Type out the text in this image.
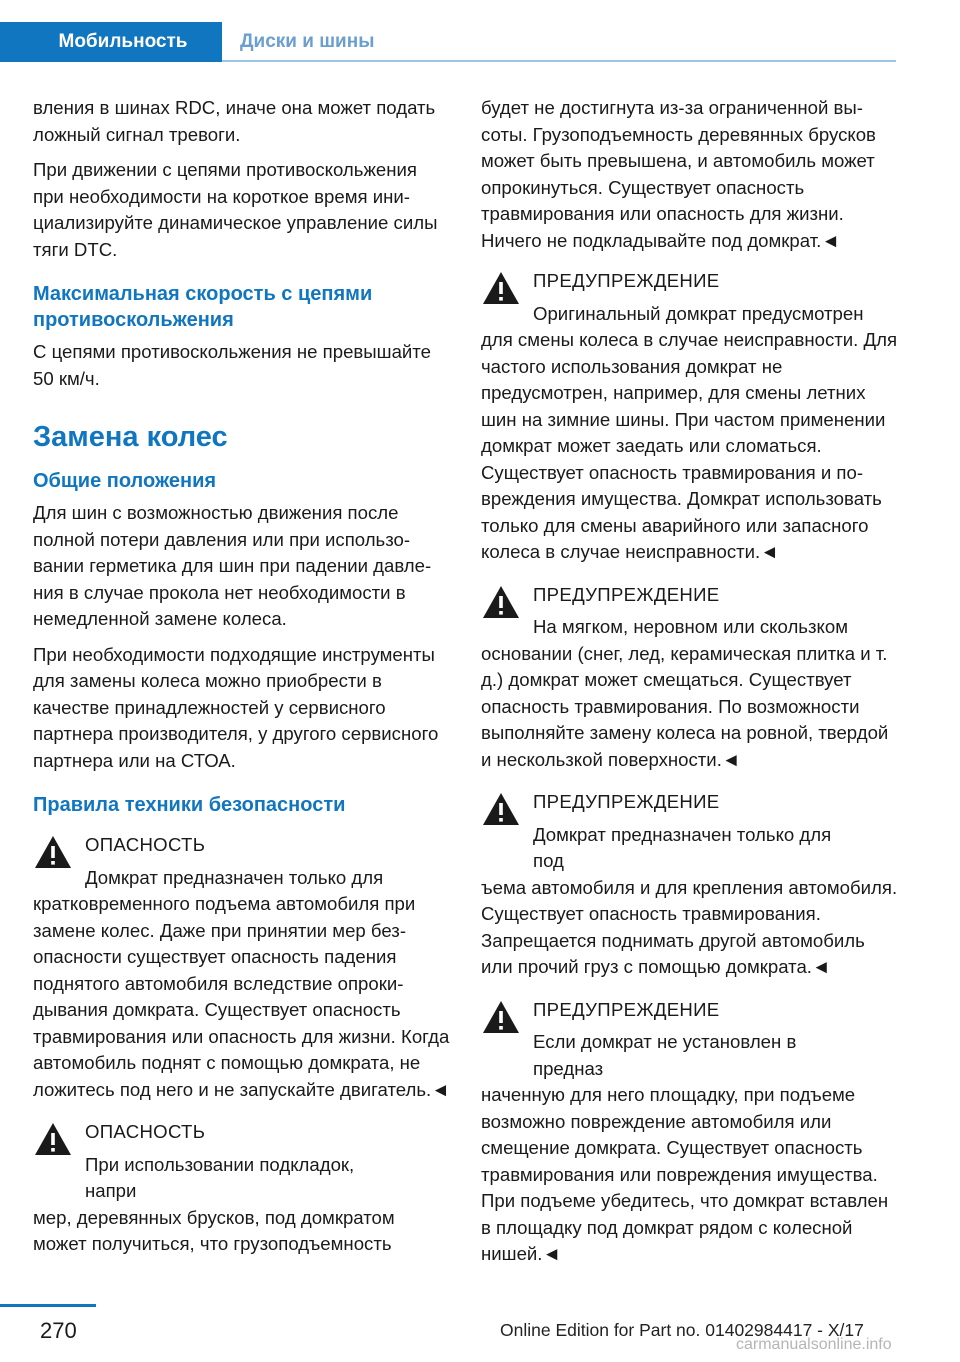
Мобильность	Диски и шины

вления в шинах RDC, иначе она может подать ложный сигнал тревоги.

При движении с цепями противоскольжения при необходимости на короткое время инициализируйте динамическое управление силы тяги DTC.

Максимальная скорость с цепями противоскольжения

С цепями противоскольжения не превышайте 50 км/ч.

Замена колес
Общие положения

Для шин с возможностью движения после полной потери давления или при использовании герметика для шин при падении давления в случае прокола нет необходимости в немедленной замене колеса.

При необходимости подходящие инструменты для замены колеса можно приобрести в качестве принадлежностей у сервисного партнера производителя, у другого сервисного партнера или на СТОА.

Правила техники безопасности
ОПАСНОСТЬ
Домкрат предназначен только для
кратковременного подъема автомобиля при замене колес. Даже при принятии мер безопасности существует опасность падения поднятого автомобиля вследствие опрокидывания домкрата. Существует опасность травмирования или опасность для жизни. Когда автомобиль поднят с помощью домкрата, не ложитесь под него и не запускайте двигатель.◄
ОПАСНОСТЬ
При использовании подкладок, напри
мер, деревянных брусков, под домкратом может получиться, что грузоподъемность

будет не достигнута из-за ограниченной высоты. Грузоподъемность деревянных брусков может быть превышена, и автомобиль может опрокинуться. Существует опасность травмирования или опасность для жизни. Ничего не подкладывайте под домкрат.◄

ПРЕДУПРЕЖДЕНИЕ
Оригинальный домкрат предусмотрен
для смены колеса в случае неисправности. Для частого использования домкрат не предусмотрен, например, для смены летних шин на зимние шины. При частом применении домкрат может заедать или сломаться. Существует опасность травмирования и повреждения имущества. Домкрат использовать только для смены аварийного или запасного колеса в случае неисправности.◄
ПРЕДУПРЕЖДЕНИЕ
На мягком, неровном или скользком
основании (снег, лед, керамическая плитка и т. д.) домкрат может смещаться. Существует опасность травмирования. По возможности выполняйте замену колеса на ровной, твердой и нескользкой поверхности.◄
ПРЕДУПРЕЖДЕНИЕ
Домкрат предназначен только для под
ъема автомобиля и для крепления автомобиля. Существует опасность травмирования. Запрещается поднимать другой автомобиль или прочий груз с помощью домкрата.◄
ПРЕДУПРЕЖДЕНИЕ
Если домкрат не установлен в предназ
наченную для него площадку, при подъеме возможно повреждение автомобиля или смещение домкрата. Существует опасность травмирования или повреждения имущества. При подъеме убедитесь, что домкрат вставлен в площадку под домкрат рядом с колесной нишей.◄
270	Online Edition for Part no. 01402984417 - X/17
carmanualsonline.info
